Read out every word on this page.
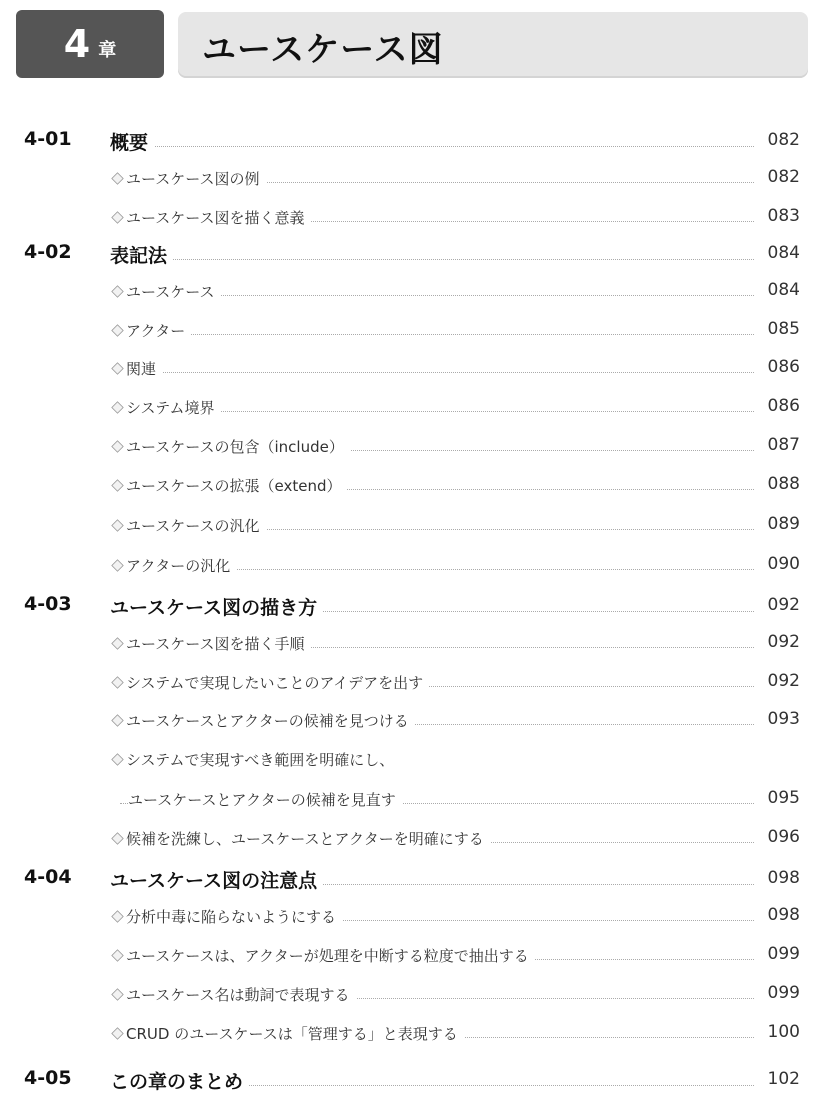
4 章	ユースケース図
4-01 概要	082
ユースケース図の例	082
ユースケース図を描く意義	083
4-02 表記法	084
ユースケース	084
アクター	085
関連	086
システム境界	086
ユースケースの包含（include）	087
ユースケースの拡張（extend）	088
ユースケースの汎化	089
アクターの汎化	090
4-03 ユースケース図の描き方	092
ユースケース図を描く手順	092
システムで実現したいことのアイデアを出す	092
ユースケースとアクターの候補を見つける	093
システムで実現すべき範囲を明確にし、
ユースケースとアクターの候補を見直す	095
候補を洗練し、ユースケースとアクターを明確にする	096
4-04 ユースケース図の注意点	098
分析中毒に陥らないようにする	098
ユースケースは、アクターが処理を中断する粒度で抽出する	099
ユースケース名は動詞で表現する	099
CRUD のユースケースは「管理する」と表現する	100
4-05 この章のまとめ	102
